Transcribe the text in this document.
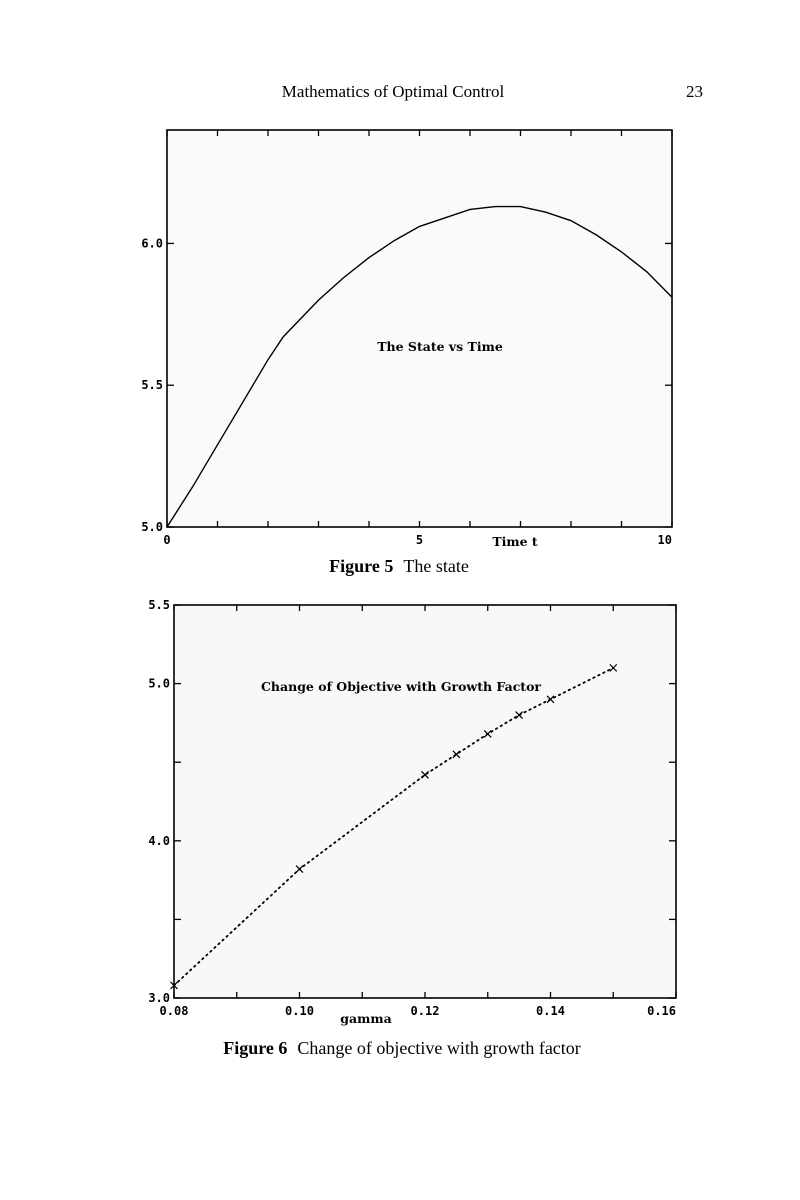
Mathematics of Optimal Control	23
0	5	10
5.0
5.5
6.0
The State vs Time
Time t
0.08	0.10	0.12	0.14	0.16
3.0
4.0
5.0
5.5
Change of Objective with Growth Factor
gamma
Figure 5 The state
Figure 6 Change of objective with growth factor
